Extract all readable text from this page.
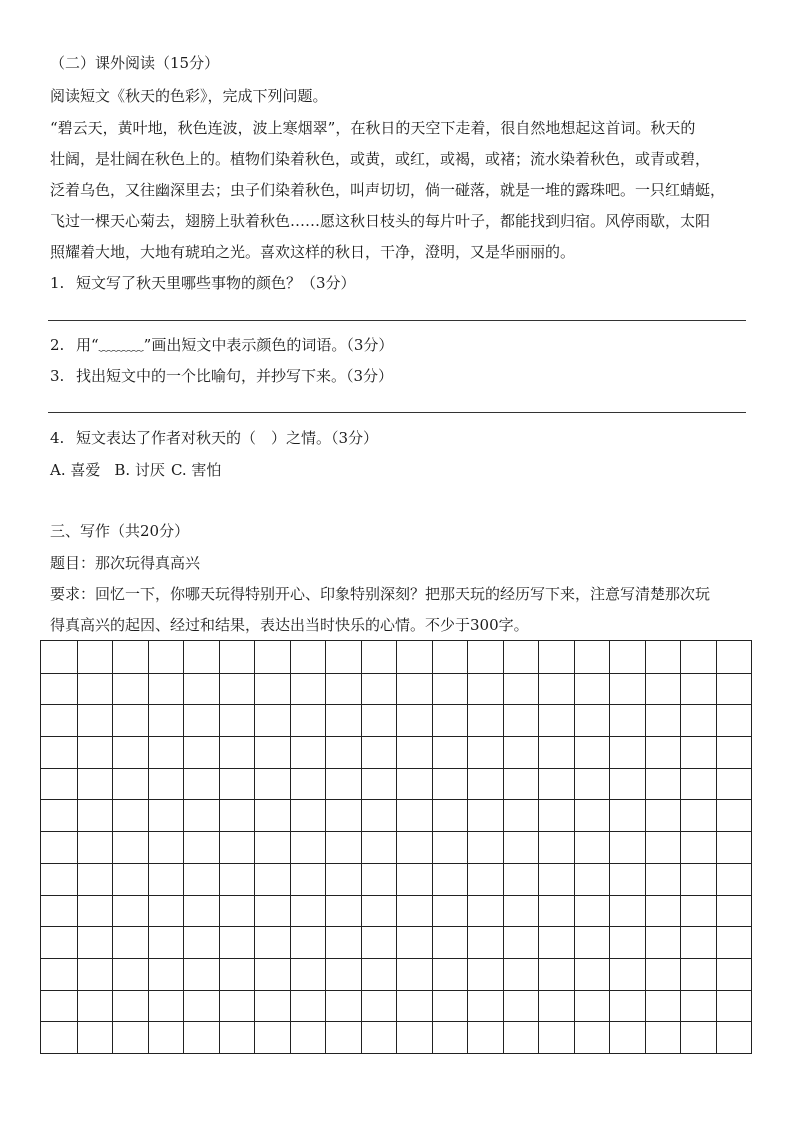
（二）课外阅读（15分）
阅读短文《秋天的色彩》，完成下列问题。
“碧云天，黄叶地，秋色连波，波上寒烟翠”，在秋日的天空下走着，很自然地想起这首词。秋天的
壮阔，是壮阔在秋色上的。植物们染着秋色，或黄，或红，或褐，或褚；流水染着秋色，或青或碧，
泛着乌色，又往幽深里去；虫子们染着秋色，叫声切切，倘一碰落，就是一堆的露珠吧。一只红蜻蜓，
飞过一棵天心菊去，翅膀上驮着秋色……愿这秋日枝头的每片叶子，都能找到归宿。风停雨歇，太阳
照耀着大地，大地有琥珀之光。喜欢这样的秋日，干净，澄明，又是华丽丽的。
1. 短文写了秋天里哪些事物的颜色？（3分）
2. 用“﹏﹏﹏”画出短文中表示颜色的词语。（3分）
3. 找出短文中的一个比喻句，并抄写下来。（3分）
4. 短文表达了作者对秋天的（　）之情。（3分）
A. 喜爱 B. 讨厌 C. 害怕
三、写作（共20分）
题目：那次玩得真高兴
要求：回忆一下，你哪天玩得特别开心、印象特别深刻？把那天玩的经历写下来，注意写清楚那次玩
得真高兴的起因、经过和结果，表达出当时快乐的心情。不少于300字。
